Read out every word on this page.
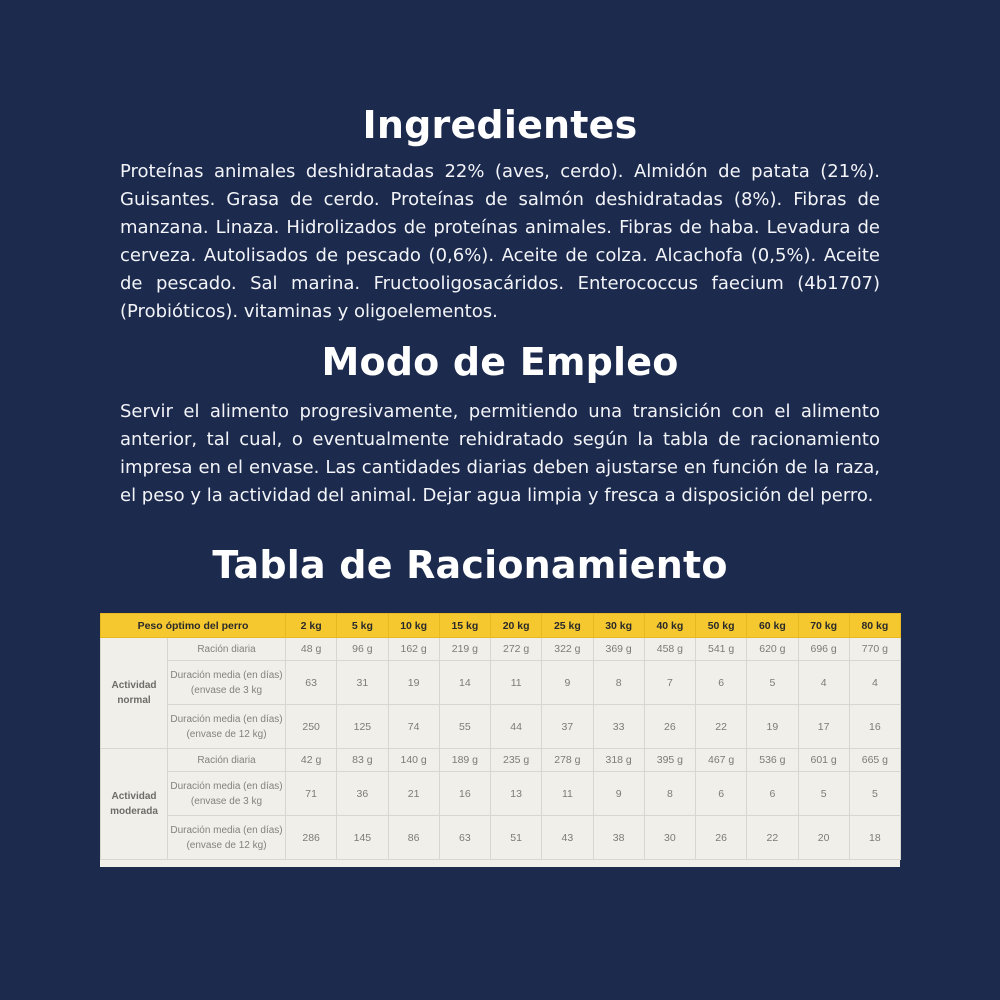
Ingredientes

Proteínas animales deshidratadas 22% (aves, cerdo). Almidón de patata (21%). Guisantes. Grasa de cerdo. Proteínas de salmón deshidratadas (8%). Fibras de manzana. Linaza. Hidrolizados de proteínas animales. Fibras de haba. Levadura de cerveza. Autolisados de pescado (0,6%). Aceite de colza. Alcachofa (0,5%). Aceite de pescado. Sal marina. Fructooligosacáridos. Enterococcus faecium (4b1707) (Probióticos). vitaminas y oligoelementos.

Modo de Empleo

Servir el alimento progresivamente, permitiendo una transición con el alimento anterior, tal cual, o eventualmente rehidratado según la tabla de racionamiento impresa en el envase. Las cantidades diarias deben ajustarse en función de la raza, el peso y la actividad del animal. Dejar agua limpia y fresca a disposición del perro.

Tabla de Racionamiento
Peso óptimo del perro		2 kg	5 kg	10 kg	15 kg	20 kg	25 kg	30 kg	40 kg	50 kg	60 kg	70 kg	80 kg
Actividad normal	Ración diaria	48 g	96 g	162 g	219 g	272 g	322 g	369 g	458 g	541 g	620 g	696 g	770 g
	Duración media (en días) (envase de 3 kg	63	31	19	14	11	9	8	7	6	5	4	4
	Duración media (en días) (envase de 12 kg)	250	125	74	55	44	37	33	26	22	19	17	16
Actividad moderada	Ración diaria	42 g	83 g	140 g	189 g	235 g	278 g	318 g	395 g	467 g	536 g	601 g	665 g
	Duración media (en días) (envase de 3 kg	71	36	21	16	13	11	9	8	6	6	5	5
	Duración media (en días) (envase de 12 kg)	286	145	86	63	51	43	38	30	26	22	20	18
